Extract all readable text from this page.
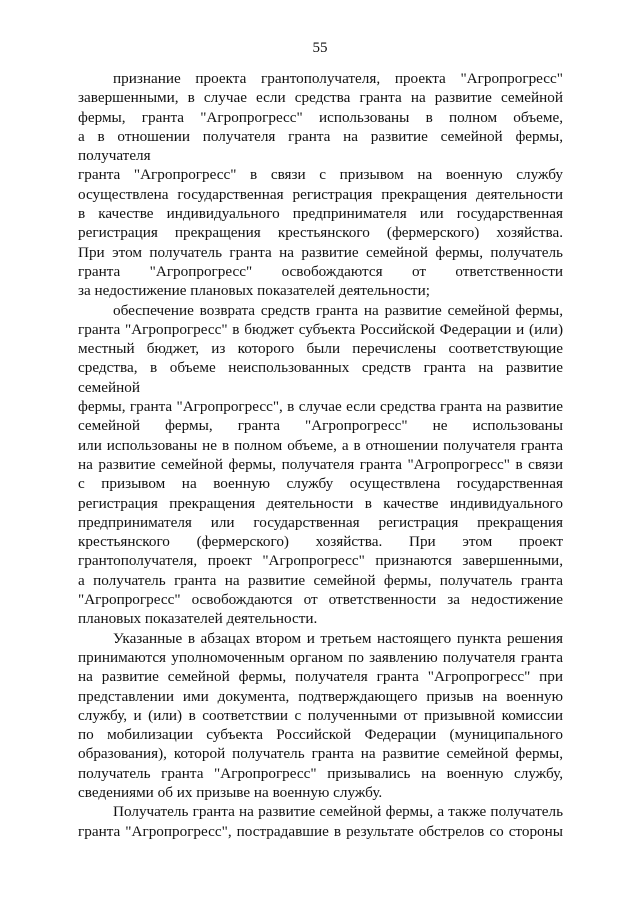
55
признание проекта грантополучателя, проекта "Агропрогресс"
завершенными, в случае если средства гранта на развитие семейной
фермы, гранта "Агропрогресс" использованы в полном объеме,
а в отношении получателя гранта на развитие семейной фермы, получателя
гранта "Агропрогресс" в связи с призывом на военную службу
осуществлена государственная регистрация прекращения деятельности
в качестве индивидуального предпринимателя или государственная
регистрация прекращения крестьянского (фермерского) хозяйства.
При этом получатель гранта на развитие семейной фермы, получатель
гранта "Агропрогресс" освобождаются от ответственности
за недостижение плановых показателей деятельности;
обеспечение возврата средств гранта на развитие семейной фермы,
гранта "Агропрогресс" в бюджет субъекта Российской Федерации и (или)
местный бюджет, из которого были перечислены соответствующие
средства, в объеме неиспользованных средств гранта на развитие семейной
фермы, гранта "Агропрогресс", в случае если средства гранта на развитие
семейной фермы, гранта "Агропрогресс" не использованы
или использованы не в полном объеме, а в отношении получателя гранта
на развитие семейной фермы, получателя гранта "Агропрогресс" в связи
с призывом на военную службу осуществлена государственная
регистрация прекращения деятельности в качестве индивидуального
предпринимателя или государственная регистрация прекращения
крестьянского (фермерского) хозяйства. При этом проект
грантополучателя, проект "Агропрогресс" признаются завершенными,
а получатель гранта на развитие семейной фермы, получатель гранта
"Агропрогресс" освобождаются от ответственности за недостижение
плановых показателей деятельности.
Указанные в абзацах втором и третьем настоящего пункта решения
принимаются уполномоченным органом по заявлению получателя гранта
на развитие семейной фермы, получателя гранта "Агропрогресс" при
представлении ими документа, подтверждающего призыв на военную
службу, и (или) в соответствии с полученными от призывной комиссии
по мобилизации субъекта Российской Федерации (муниципального
образования), которой получатель гранта на развитие семейной фермы,
получатель гранта "Агропрогресс" призывались на военную службу,
сведениями об их призыве на военную службу.
Получатель гранта на развитие семейной фермы, а также получатель
гранта "Агропрогресс", пострадавшие в результате обстрелов со стороны
